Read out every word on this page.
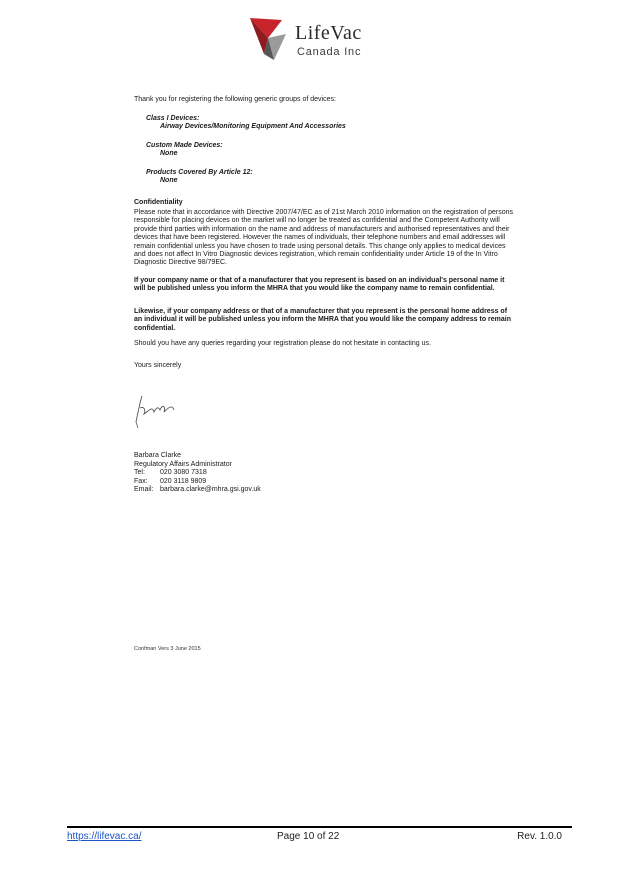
LifeVac
Canada Inc

Thank you for registering the following generic groups of devices:

Class I Devices:

Airway Devices/Monitoring Equipment And Accessories

Custom Made Devices:

None

Products Covered By Article 12:

None

Confidentiality

Please note that in accordance with Directive 2007/47/EC as of 21st March 2010 information on the registration of persons responsible for placing devices on the market will no longer be treated as confidential and the Competent Authority will provide third parties with information on the name and address of manufacturers and authorised representatives and their devices that have been registered. However the names of individuals, their telephone numbers and email addresses will remain confidential unless you have chosen to trade using personal details. This change only applies to medical devices and does not affect In Vitro Diagnostic devices registration, which remain confidentiality under Article 19 of the In Vitro Diagnostic Directive 98/79EC.

If your company name or that of a manufacturer that you represent is based on an individual's personal name it will be published unless you inform the MHRA that you would like the company name to remain confidential.

Likewise, if your company address or that of a manufacturer that you represent is the personal home address of an individual it will be published unless you inform the MHRA that you would like the company address to remain confidential.

Should you have any queries regarding your registration please do not hesitate in contacting us.

Yours sincerely

Barbara Clarke
Regulatory Affairs Administrator
Tel:	020 3080 7318
Fax:	020 3118 9809
Email: barbara.clarke@mhra.gsi.gov.uk
Confman Vers 3 June 2015
https://lifevac.ca/	Page 10 of 22	Rev. 1.0.0
